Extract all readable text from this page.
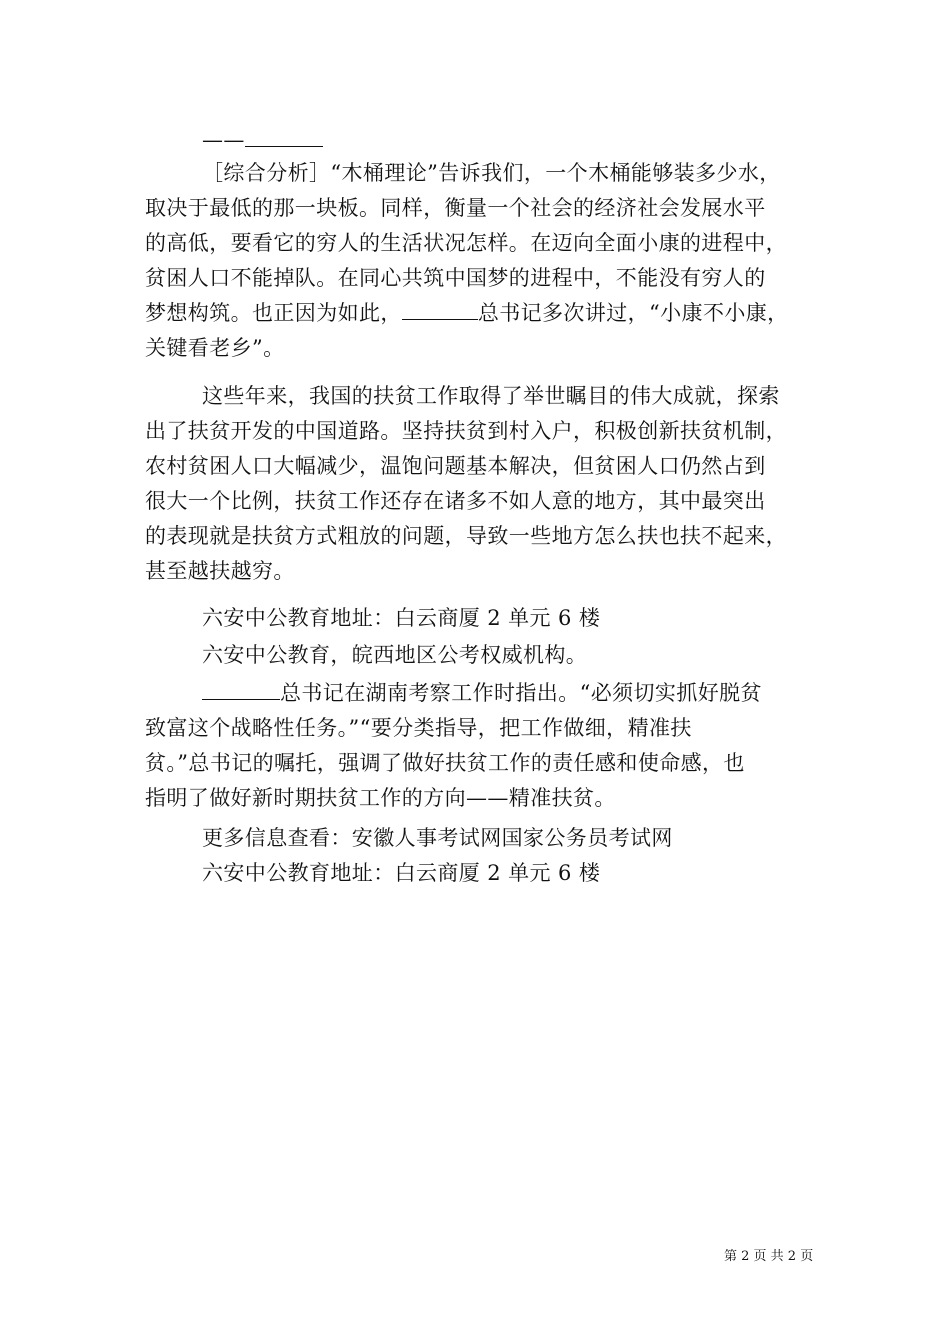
——
［综合分析］“木桶理论”告诉我们，一个木桶能够装多少水，
取决于最低的那一块板。同样，衡量一个社会的经济社会发展水平
的高低，要看它的穷人的生活状况怎样。在迈向全面小康的进程中，
贫困人口不能掉队。在同心共筑中国梦的进程中，不能没有穷人的
梦想构筑。也正因为如此，	总书记多次讲过，“小康不小康，
关键看老乡”。
这些年来，我国的扶贫工作取得了举世瞩目的伟大成就，探索
出了扶贫开发的中国道路。坚持扶贫到村入户，积极创新扶贫机制，
农村贫困人口大幅减少，温饱问题基本解决，但贫困人口仍然占到
很大一个比例，扶贫工作还存在诸多不如人意的地方，其中最突出
的表现就是扶贫方式粗放的问题，导致一些地方怎么扶也扶不起来，
甚至越扶越穷。
六安中公教育地址：白云商厦 2 单元 6 楼
六安中公教育，皖西地区公考权威机构。
总书记在湖南考察工作时指出。“必须切实抓好脱贫
致富这个战略性任务。”“要分类指导，把工作做细，精准扶
贫。”总书记的嘱托，强调了做好扶贫工作的责任感和使命感，也
指明了做好新时期扶贫工作的方向——精准扶贫。
更多信息查看：安徽人事考试网国家公务员考试网
六安中公教育地址：白云商厦 2 单元 6 楼
第 2 页 共 2 页
